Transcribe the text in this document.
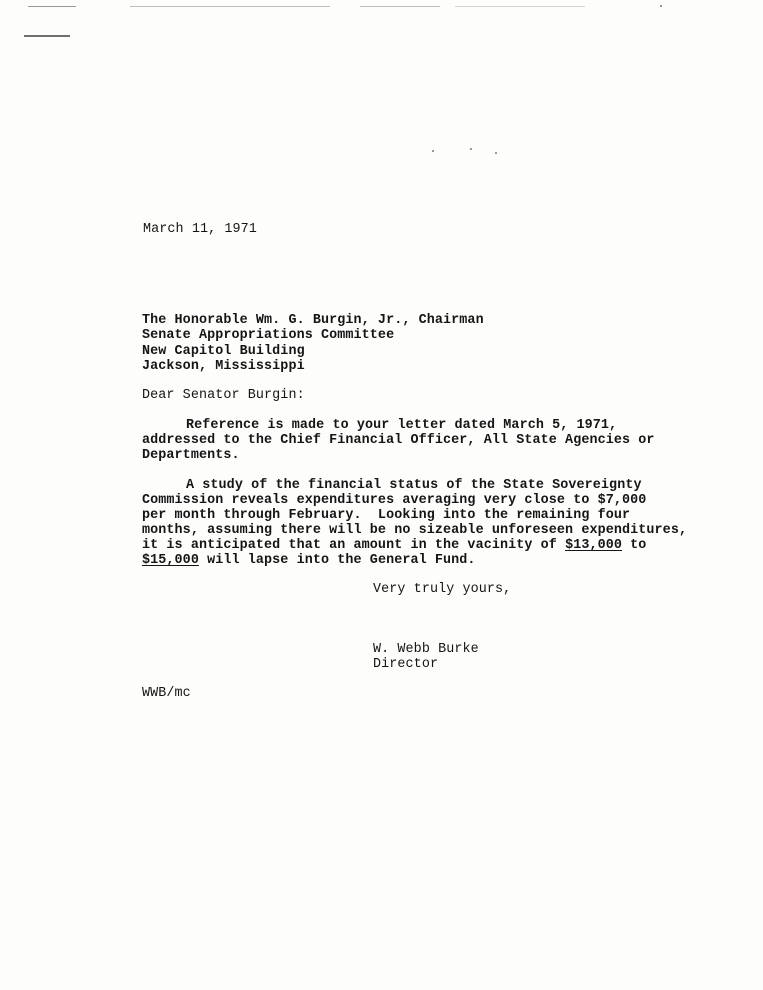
March 11, 1971
The Honorable Wm. G. Burgin, Jr., Chairman
Senate Appropriations Committee
New Capitol Building
Jackson, Mississippi
Dear Senator Burgin:
Reference is made to your letter dated March 5, 1971,
addressed to the Chief Financial Officer, All State Agencies or
Departments.
A study of the financial status of the State Sovereignty
Commission reveals expenditures averaging very close to $7,000
per month through February.  Looking into the remaining four
months, assuming there will be no sizeable unforeseen expenditures,
it is anticipated that an amount in the vacinity of $13,000 to
$15,000 will lapse into the General Fund.
Very truly yours,
W. Webb Burke
Director
WWB/mc
